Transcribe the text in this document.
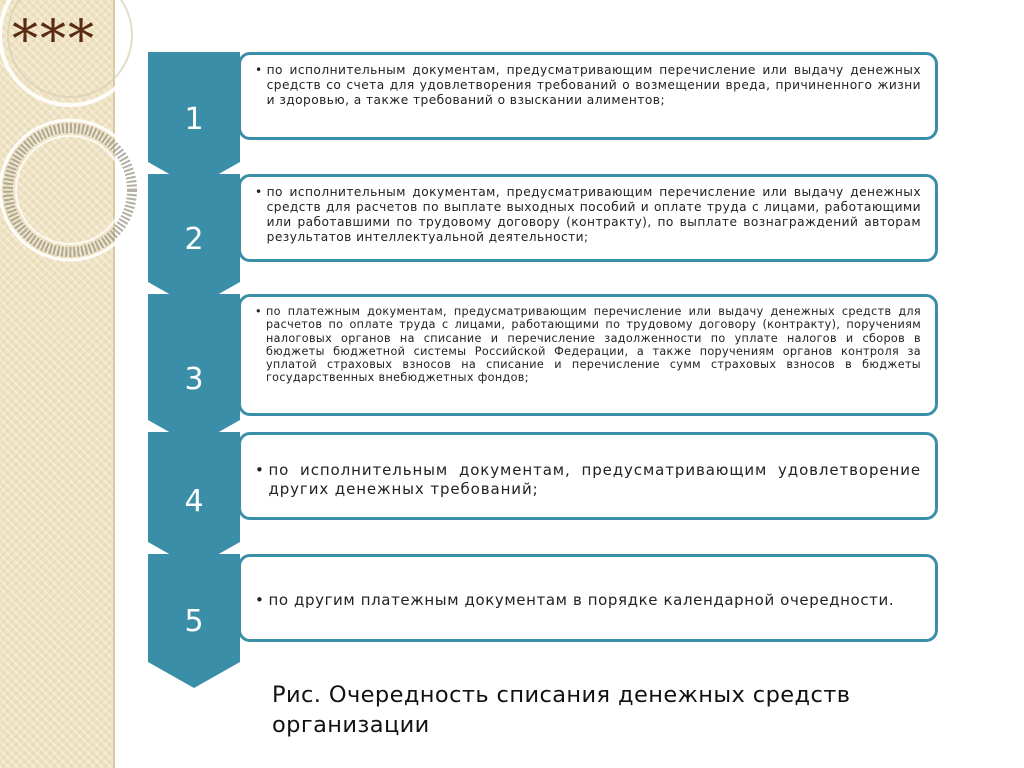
***
1
2
3
4
5
• по исполнительным документам, предусматривающим перечисление или выдачу денежных средств со счета для удовлетворения требований о возмещении вреда, причиненного жизни и здоровью, а также требований о взыскании алиментов;
• по исполнительным документам, предусматривающим перечисление или выдачу денежных средств для расчетов по выплате выходных пособий и оплате труда с лицами, работающими или работавшими по трудовому договору (контракту), по выплате вознаграждений авторам результатов интеллектуальной деятельности;
• по платежным документам, предусматривающим перечисление или выдачу денежных средств для расчетов по оплате труда с лицами, работающими по трудовому договору (контракту), поручениям налоговых органов на списание и перечисление задолженности по уплате налогов и сборов в бюджеты бюджетной системы Российской Федерации, а также поручениям органов контроля за уплатой страховых взносов на списание и перечисление сумм страховых взносов в бюджеты государственных внебюджетных фондов;
• по исполнительным документам, предусматривающим удовлетворение других денежных требований;
• по другим платежным документам в порядке календарной очередности.
Рис. Очередность списания денежных средств организации
